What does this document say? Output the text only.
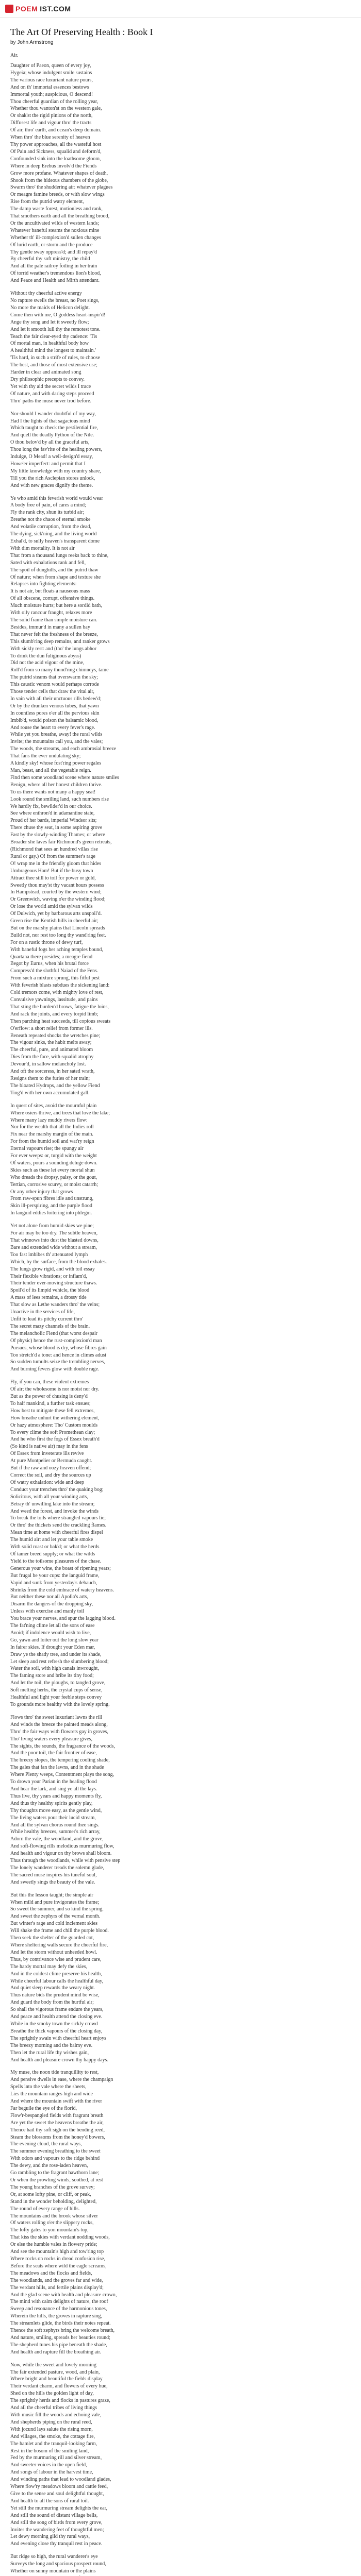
POEM IST.COM
The Art Of Preserving Health : Book I
by John Armstrong
Air.
Daughter of Paeon, queen of every joy,
Hygeia; whose indulgent smile sustains
The various race luxuriant nature pours,
And on th' immortal essences bestows
Immortal youth; auspicious, O descend!
Thou cheerful guardian of the rolling year,
Whether thou wanton'st on the western gale,
Or shak'st the rigid pinions of the north,
Diffusest life and vigour thro' the tracts
Of air, thro' earth, and ocean's deep domain.
When thro' the blue serenity of heaven
Thy power approaches, all the wasteful host
Of Pain and Sickness, squalid and deform'd,
Confounded sink into the loathsome gloom,
Where in deep Erebus involv'd the Fiends
Grow more profane. Whatever shapes of death,
Shook from the hideous chambers of the globe,
Swarm thro' the shuddering air: whatever plagues
Or meagre famine breeds, or with slow wings
Rise from the putrid watry element,
The damp waste forest, motionless and rank,
That smothers earth and all the breathing brood,
Or the uncultivated wilds of western lands;
Whatever baneful steams the noxious mine
Whether th' ill-complexion'd sullen changes
Of lurid earth, or storm and the produce
Thy gentle sway oppress'd; and ill repay'd
By cheerful thy soft ministry, the child
And all the pale railroy foiling in her train
Of torrid weather's tremendous lion's blood,
And Peace and Health and Mirth attendant.
Without thy cheerful active energy
No rapture swells the breast, no Poet sings,
No more the maids of Helicon delight.
Come then with me, O goddess heart-inspir'd!
Ange thy song and let it sweetly flow;
And let it smooth lull thy the remotest tone.
Teach the fair clear-eyed thy cadence: 'Tis
Of mortal man, in healthful body how
A healthful mind the longest to maintain.'
'Tis hard, in such a strife of rules, to choose
The best, and those of most extensive use;
Harder in clear and animated song
Dry philosophic precepts to convey.
Yet with thy aid the secret wilds I trace
Of nature, and with daring steps proceed
Thro' paths the muse never trod before.
Nor should I wander doubtful of my way,
Had I the lights of that sagacious mind
Which taught to check the pestilential fire,
And quell the deadly Python of the Nile.
O thou belov'd by all the graceful arts,
Thou long the fav'rite of the healing powers,
Indulge, O Mead! a well-design'd essay,
Howe'er imperfect: and permit that I
My little knowledge with my country share,
Till you the rich Asclepian stores unlock,
And with new graces dignify the theme.
Ye who amid this feverish world would wear
A body free of pain, of cares a mind;
Fly the rank city, shun its turbid air;
Breathe not the chaos of eternal smoke
And volatile corruption, from the dead,
The dying, sick'ning, and the living world
Exhal'd, to sully heaven's transparent dome
With dim mortality. It is not air
That from a thousand lungs reeks back to thine,
Sated with exhalations rank and fell,
The spoil of dunghills, and the putrid thaw
Of nature; when from shape and texture she
Relapses into fighting elements:
It is not air, but floats a nauseous mass
Of all obscene, corrupt, offensive things.
Much moisture hurts; but here a sordid bath,
With oily rancour fraught, relaxes more
The solid frame than simple moisture can.
Besides, immur'd in many a sullen bay
That never felt the freshness of the breeze,
This slumb'ring deep remains, and ranker grows
With sickly rest: and (tho' the lungs abhor
To drink the dun fuliginous abyss)
Did not the acid vigour of the mine,
Roll'd from so many thund'ring chimneys, tame
The putrid steams that overswarm the sky;
This caustic venom would perhaps corrode
Those tender cells that draw the vital air,
In vain with all their unctuous rills bedew'd;
Or by the drunken venous tubes, that yawn
In countless pores o'er all the pervious skin
Imbib'd, would poison the balsamic blood,
And rouse the heart to every fever's rage.
While yet you breathe, away! the rural wilds
Invite; the mountains call you, and the vales;
The woods, the streams, and each ambrosial breeze
That fans the ever undulating sky;
A kindly sky! whose fost'ring power regales
Man, beast, and all the vegetable reign.
Find then some woodland scene where nature smiles
Benign, where all her honest children thrive.
To us there wants not many a happy seat!
Look round the smiling land, such numbers rise
We hardly fix, bewilder'd in our choice.
See where enthron'd in adamantine state,
Proud of her bards, imperial Windsor sits;
There chuse thy seat, in some aspiring grove
Fast by the slowly-winding Thames; or where
Broader she laves fair Richmond's green retreats,
(Richmond that sees an hundred villas rise
Rural or gay.) O! from the summer's rage
O! wrap me in the friendly gloom that hides
Umbrageous Ham! But if the busy town
Attract thee still to toil for power or gold,
Sweetly thou may'st thy vacant hours possess
In Hampstead, courted by the western wind;
Or Greenwich, waving o'er the winding flood;
Or lose the world amid the sylvan wilds
Of Dulwich, yet by barbarous arts unspoil'd.
Green rise the Kentish hills in cheerful air;
But on the marshy plains that Lincoln spreads
Build not, nor rest too long thy wand'ring feet.
For on a rustic throne of dewy turf,
With baneful fogs her aching temples bound,
Quartana there presides; a meagre fiend
Begot by Eurus, when his brutal force
Compress'd the slothful Naiad of the Fens.
From such a mixture sprung, this fitful pest
With feverish blasts subdues the sickening land:
Cold tremors come, with mighty love of rest,
Convulsive yawnings, lassitude, and pains
That sting the burden'd brows, fatigue the loins,
And rack the joints, and every torpid limb;
Then parching heat succeeds, till copious sweats
O'erflow: a short relief from former ills.
Beneath repeated shocks the wretches pine;
The vigour sinks, the habit melts away;
The cheerful, pure, and animated bloom
Dies from the face, with squalid atrophy
Devour'd, in sallow melancholy lost.
And oft the sorceress, in her sated wrath,
Resigns them to the furies of her train;
The bloated Hydrops, and the yellow Fiend
Ting'd with her own accumulated gall.
In quest of sites, avoid the mournful plain
Where osiers thrive, and trees that love the lake;
Where many lazy muddy rivers flow:
Nor for the wealth that all the Indies roll
Fix near the marshy margin of the main.
For from the humid soil and wat'ry reign
Eternal vapours rise; the spungy air
For ever weeps: or, turgid with the weight
Of waters, pours a sounding deluge down.
Skies such as these let every mortal shun
Who dreads the dropsy, palsy, or the gout,
Tertian, corrosive scurvy, or moist catarrh;
Or any other injury that grows
From raw-spun fibres idle and unstrung,
Skin ill-perspiring, and the purple flood
In languid eddies loitering into phlegm.
Yet not alone from humid skies we pine;
For air may be too dry. The subtle heaven,
That winnows into dust the blasted downs,
Bare and extended wide without a stream,
Too fast imbibes th' attenuated lymph
Which, by the surface, from the blood exhales.
The lungs grow rigid, and with toil essay
Their flexible vibrations; or inflam'd,
Their tender ever-moving structure thaws.
Spoil'd of its limpid vehicle, the blood
A mass of lees remains, a drossy tide
That slow as Lethe wanders thro' the veins;
Unactive in the services of life,
Unfit to lead its pitchy current thro'
The secret mazy channels of the brain.
The melancholic Fiend (that worst despair
Of physic) hence the rust-complexion'd man
Pursues, whose blood is dry, whose fibres gain
Too stretch'd a tone: and hence in climes adust
So sudden tumults seize the trembling nerves,
And burning fevers glow with double rage.
Fly, if you can, these violent extremes
Of air; the wholesome is nor moist nor dry.
But as the power of chusing is deny'd
To half mankind, a further task ensues;
How best to mitigate these fell extremes,
How breathe unhurt the withering element,
Or hazy atmosphere: Tho' Custom moulds
To every clime the soft Promethean clay;
And he who first the fogs of Essex breath'd
(So kind is native air) may in the fens
Of Essex from inveterate ills revive
At pure Montpelier or Bermuda caught.
But if the raw and oozy heaven offend;
Correct the soil, and dry the sources up
Of watry exhalation: wide and deep
Conduct your trenches thro' the quaking bog;
Solicitous, with all your winding arts,
Betray th' unwilling lake into the stream;
And weed the forest, and invoke the winds
To break the toils where strangled vapours lie;
Or thro' the thickets send the crackling flames.
Mean time at home with cheerful fires dispel
The humid air: and let your table smoke
With solid roast or bak'd; or what the herds
Of tamer breed supply; or what the wilds
Yield to the toilsome pleasures of the chase.
Generous your wine, the boast of ripening years;
But frugal be your cups: the languid frame,
Vapid and sunk from yesterday's debauch,
Shrinks from the cold embrace of watery heavens.
But neither these nor all Apollo's arts,
Disarm the dangers of the dropping sky,
Unless with exercise and manly toil
You brace your nerves, and spur the lagging blood.
The fat'ning clime let all the sons of ease
Avoid; if indolence would wish to live,
Go, yawn and loiter out the long slow year
In fairer skies. If drought your Eden mar,
Draw ye the shady tree, and under its shade,
Let sleep and rest refresh the slumbering blood;
Water the soil, with high canals inwrought,
The faming store and bribe its tiny food;
And let the toil, the ploughs, to tangled grove,
Soft melting herbs, the crystal cups of sense,
Healthful and light your feeble steps convey
To grounds more healthy with the lovely spring.
Flows thro' the sweet luxuriant lawns the rill
And winds the breeze the painted meads along,
Thro' the fair ways with flowrets gay in groves,
Tho' living waters every pleasure gives,
The sights, the sounds, the fragrance of the woods,
And the poor toil, the fair frontier of ease,
The breezy slopes, the tempering cooling shade,
The gales that fan the lawns, and in the shade
Where Plenty weeps, Contentment plays the song,
To drown your Parian in the healing flood
And hear the lark, and sing ye all the lays.
Thus live, thy years and happy moments fly,
And thus thy healthy spirits gently play,
Thy thoughts move easy, as the gentle wind,
The living waters pour their lucid stream,
And all the sylvan chorus round thee sings.
While healthy breezes, summer's rich array,
Adorn the vale, the woodland, and the grove,
And soft-flowing rills melodious murmuring flow,
And health and vigour on thy brows shall bloom.
Thus through the woodlands, while with pensive step
The lonely wanderer treads the solemn glade,
The sacred muse inspires his tuneful soul,
And sweetly sings the beauty of the vale.
But this the lesson taught; the simple air
When mild and pure invigorates the frame;
So sweet the summer, and so kind the spring,
And sweet the zephyrs of the vernal month.
But winter's rage and cold inclement skies
Will shake the frame and chill the purple blood.
Then seek the shelter of the guarded cot,
Where sheltering walls secure the cheerful fire,
And let the storm without unheeded howl.
Thus, by contrivance wise and prudent care,
The hardy mortal may defy the skies,
And in the coldest clime preserve his health,
While cheerful labour calls the healthful day,
And quiet sleep rewards the weary night.
Thus nature bids the prudent mind be wise,
And guard the body from the hurtful air;
So shall the vigorous frame endure the years,
And peace and health attend the closing eve.
While in the smoky town the sickly crowd
Breathe the thick vapours of the closing day,
The sprightly swain with cheerful heart enjoys
The breezy morning and the balmy eve.
Then let the rural life thy wishes gain,
And health and pleasure crown thy happy days.
My muse, the noon tide tranquillity to rest,
And pensive dwells in ease, where the champaign
Spells into the vale where the sheets,
Lies the mountain ranges high and wide
And where the mountain swift with the river
Far beguile the eye of the florid,
Flow'r-bespangled fields with fragrant breath
Are yet the sweet the heavens breathe the air,
Thence hail thy soft sigh on the bending reed,
Steam the blossoms from the honey'd bowers,
The evening cloud, the rural ways,
The summer evening breathing to the sweet
With odors and vapours to the ridge behind
The dewy, and the rose-laden heaven,
Go rambling to the fragrant hawthorn lane;
Or when the prowling winds, soothed, at rest
The young branches of the grove survey;
Or, at some lofty pine, or cliff, or peak,
Stand in the wonder beholding, delighted,
The round of every range of hills.
The mountains and the brook whose silver
Of waters rolling o'er the slippery rocks,
The lofty gates to yon mountain's top,
That kiss the skies with verdant nodding woods,
Or else the humble vales in flowery pride;
And see the mountain's high and tow'ring top
Where rocks on rocks in dread confusion rise,
Before the seats where wild the eagle screams,
The meadows and the flocks and fields,
The woodlands, and the groves far and wide,
The verdant hills, and fertile plains display'd;
And the glad scene with health and pleasure crown,
The mind with calm delights of nature, the roof
Sweep and resonance of the harmonious tones,
Wherein the hills, the groves in rapture sing,
The streamlets glide, the birds their notes repeat.
Thence the soft zephyrs bring the welcome breath,
And nature, smiling, spreads her beauties round;
The shepherd tunes his pipe beneath the shade,
And health and rapture fill the breathing air.
Now, while the sweet and lovely morning
The fair extended pasture, wood, and plain,
Where bright and beautiful the fields display
Their verdant charm, and flowers of every hue,
Shed on the hills the golden light of day,
The sprightly herds and flocks in pastures graze,
And all the cheerful tribes of living things
With music fill the woods and echoing vale,
And shepherds piping on the rural reed,
With jocund lays salute the rising morn,
And villages, the smoke, the cottage fire,
The hamlet and the tranquil-looking farm,
Rest in the bosom of the smiling land,
Fed by the murmuring rill and silver stream,
And sweeter voices in the open field,
And songs of labour in the harvest time,
And winding paths that lead to woodland glades,
Where flow'ry meadows bloom and cattle feed,
Give to the sense and soul delightful thought,
And health to all the sons of rural toil.
Yet still the murmuring stream delights the ear,
And still the sound of distant village bells,
And still the song of birds from every grove,
Invites the wandering feet of thoughtful men;
Let dewy morning gild thy rural ways,
And evening close thy tranquil rest in peace.
But ridge so high, the rural wanderer's eye
Surveys the long and spacious prospect round,
Whether on sunny mountain or the plains
